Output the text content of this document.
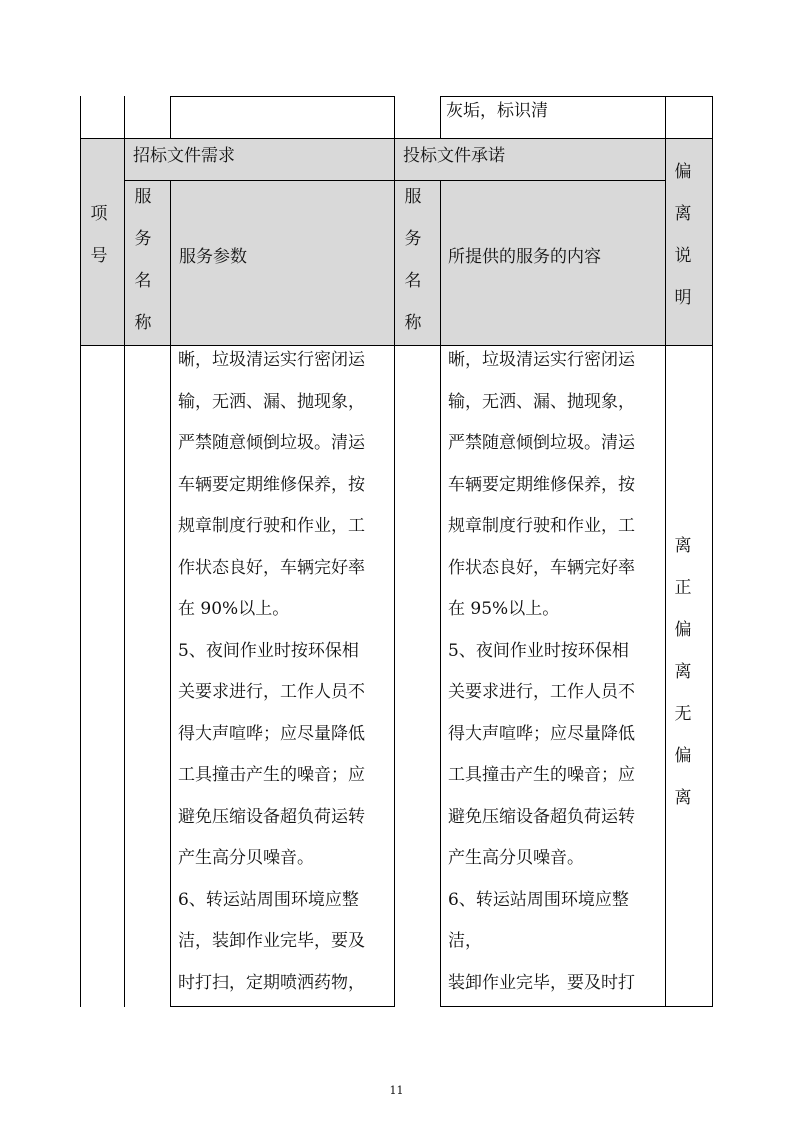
灰垢，标识清
招标文件需求	投标文件承诺
项号
服务名称
服务参数
服务名称
所提供的服务的内容
偏离说明

晰，垃圾清运实行密闭运

输，无洒、漏、抛现象，

严禁随意倾倒垃圾。清运

车辆要定期维修保养，按

规章制度行驶和作业，工

作状态良好，车辆完好率

在 90%以上。

5、夜间作业时按环保相

关要求进行，工作人员不

得大声喧哗；应尽量降低

工具撞击产生的噪音；应

避免压缩设备超负荷运转

产生高分贝噪音。

6、转运站周围环境应整

洁，装卸作业完毕，要及

时打扫，定期喷洒药物，

晰，垃圾清运实行密闭运

输，无洒、漏、抛现象，

严禁随意倾倒垃圾。清运

车辆要定期维修保养，按

规章制度行驶和作业，工

作状态良好，车辆完好率

在 95%以上。

5、夜间作业时按环保相

关要求进行，工作人员不

得大声喧哗；应尽量降低

工具撞击产生的噪音；应

避免压缩设备超负荷运转

产生高分贝噪音。

6、转运站周围环境应整

洁，

装卸作业完毕，要及时打

离正偏离无偏离
11
